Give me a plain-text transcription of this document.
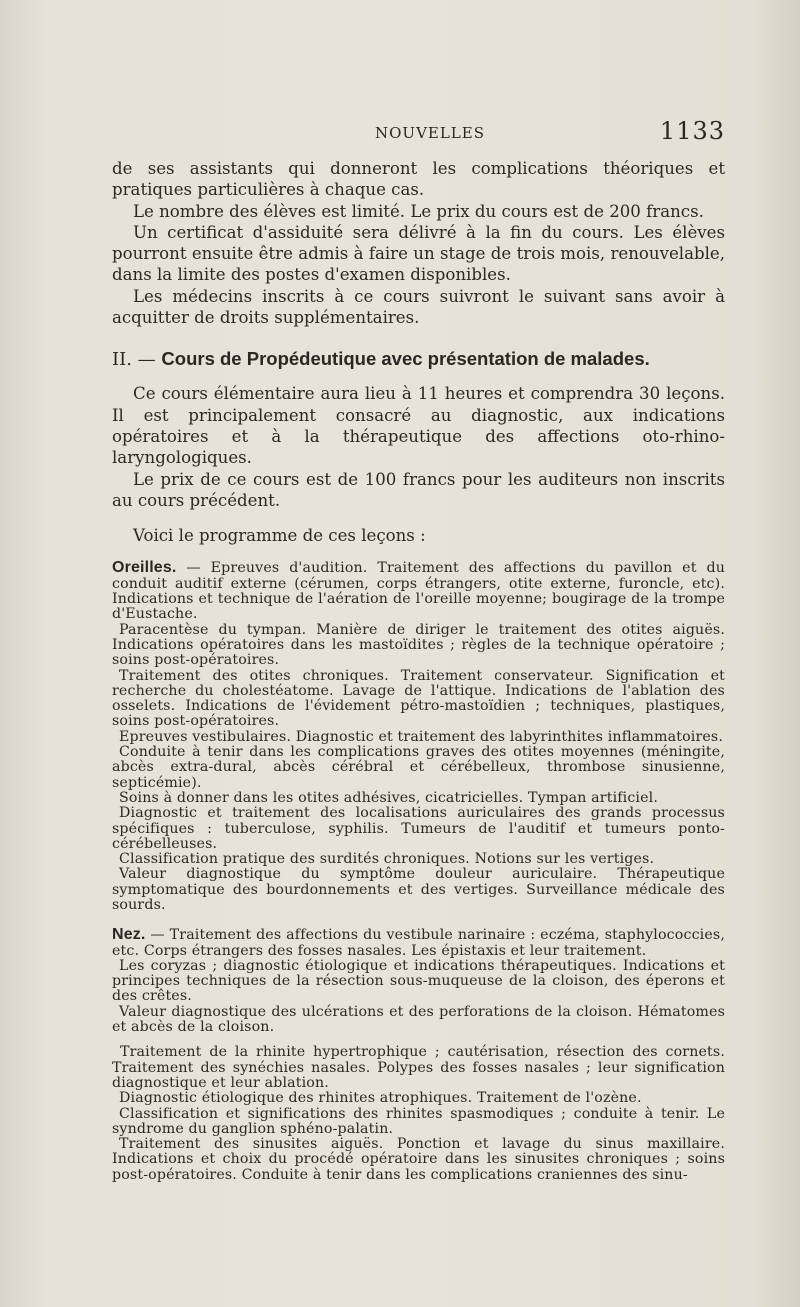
NOUVELLES	1133

de ses assistants qui donneront les complications théoriques et pratiques particulières à chaque cas.

Le nombre des élèves est limité. Le prix du cours est de 200 francs.

Un certificat d'assiduité sera délivré à la fin du cours. Les élèves pourront ensuite être admis à faire un stage de trois mois, renouvelable, dans la limite des postes d'examen disponibles.

Les médecins inscrits à ce cours suivront le suivant sans avoir à acquitter de droits supplémentaires.

II. — Cours de Propédeutique avec présentation de malades.

Ce cours élémentaire aura lieu à 11 heures et comprendra 30 leçons. Il est principalement consacré au diagnostic, aux indications opératoires et à la thérapeutique des affections oto-rhino-laryngologiques.

Le prix de ce cours est de 100 francs pour les auditeurs non inscrits au cours précédent.

Voici le programme de ces leçons :

Oreilles. — Epreuves d'audition. Traitement des affections du pavillon et du conduit auditif externe (cérumen, corps étrangers, otite externe, furoncle, etc). Indications et technique de l'aération de l'oreille moyenne; bougirage de la trompe d'Eustache.

Paracentèse du tympan. Manière de diriger le traitement des otites aiguës. Indications opératoires dans les mastoïdites ; règles de la technique opératoire ; soins post-opératoires.

Traitement des otites chroniques. Traitement conservateur. Signification et recherche du cholestéatome. Lavage de l'attique. Indications de l'ablation des osselets. Indications de l'évidement pétro-mastoïdien ; techniques, plastiques, soins post-opératoires.

Epreuves vestibulaires. Diagnostic et traitement des labyrinthites inflammatoires.

Conduite à tenir dans les complications graves des otites moyennes (méningite, abcès extra-dural, abcès cérébral et cérébelleux, thrombose sinusienne, septicémie).

Soins à donner dans les otites adhésives, cicatricielles. Tympan artificiel.

Diagnostic et traitement des localisations auriculaires des grands processus spécifiques : tuberculose, syphilis. Tumeurs de l'auditif et tumeurs ponto-cérébelleuses.

Classification pratique des surdités chroniques. Notions sur les vertiges.

Valeur diagnostique du symptôme douleur auriculaire. Thérapeutique symptomatique des bourdonnements et des vertiges. Surveillance médicale des sourds.

Nez. — Traitement des affections du vestibule narinaire : eczéma, staphylococcies, etc. Corps étrangers des fosses nasales. Les épistaxis et leur traitement.

Les coryzas ; diagnostic étiologique et indications thérapeutiques. Indications et principes techniques de la résection sous-muqueuse de la cloison, des éperons et des crêtes.

Valeur diagnostique des ulcérations et des perforations de la cloison. Hématomes et abcès de la cloison.

Traitement de la rhinite hypertrophique ; cautérisation, résection des cornets. Traitement des synéchies nasales. Polypes des fosses nasales ; leur signification diagnostique et leur ablation.

Diagnostic étiologique des rhinites atrophiques. Traitement de l'ozène.

Classification et significations des rhinites spasmodiques ; conduite à tenir. Le syndrome du ganglion sphéno-palatin.

Traitement des sinusites aiguës. Ponction et lavage du sinus maxillaire. Indications et choix du procédé opératoire dans les sinusites chroniques ; soins post-opératoires. Conduite à tenir dans les complications craniennes des sinu-
